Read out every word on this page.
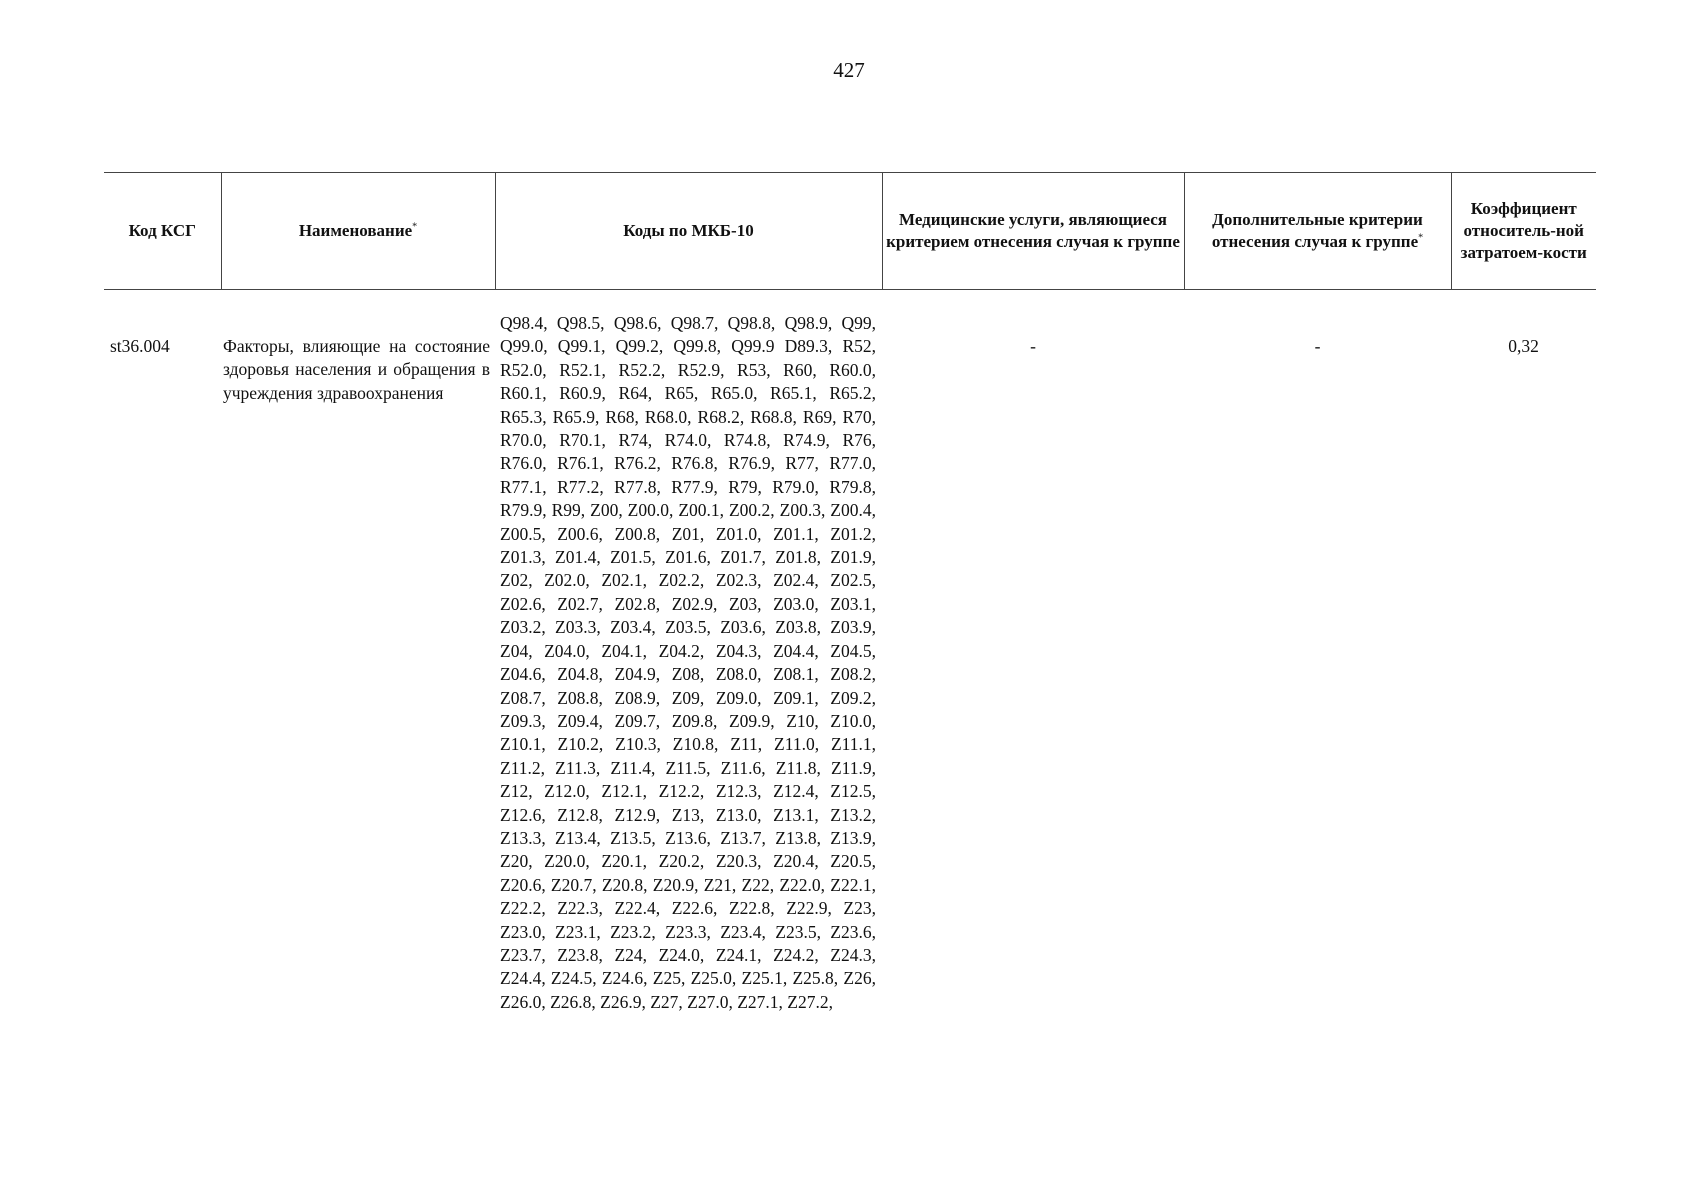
427
Код КСГ	Наименование*	Коды по МКБ-10	Медицинские услуги, являющиеся критерием отнесения случая к группе	Дополнительные критерии отнесения случая к группе*	Коэффициент относитель-ной затратоем-кости
st36.004	Факторы, влияющие на состояние здоровья населения и обращения в учреждения здравоохранения	Q98.4, Q98.5, Q98.6, Q98.7, Q98.8, Q98.9, Q99, Q99.0, Q99.1, Q99.2, Q99.8, Q99.9 D89.3, R52, R52.0, R52.1, R52.2, R52.9, R53, R60, R60.0, R60.1, R60.9, R64, R65, R65.0, R65.1, R65.2, R65.3, R65.9, R68, R68.0, R68.2, R68.8, R69, R70, R70.0, R70.1, R74, R74.0, R74.8, R74.9, R76, R76.0, R76.1, R76.2, R76.8, R76.9, R77, R77.0, R77.1, R77.2, R77.8, R77.9, R79, R79.0, R79.8, R79.9, R99, Z00, Z00.0, Z00.1, Z00.2, Z00.3, Z00.4, Z00.5, Z00.6, Z00.8, Z01, Z01.0, Z01.1, Z01.2, Z01.3, Z01.4, Z01.5, Z01.6, Z01.7, Z01.8, Z01.9, Z02, Z02.0, Z02.1, Z02.2, Z02.3, Z02.4, Z02.5, Z02.6, Z02.7, Z02.8, Z02.9, Z03, Z03.0, Z03.1, Z03.2, Z03.3, Z03.4, Z03.5, Z03.6, Z03.8, Z03.9, Z04, Z04.0, Z04.1, Z04.2, Z04.3, Z04.4, Z04.5, Z04.6, Z04.8, Z04.9, Z08, Z08.0, Z08.1, Z08.2, Z08.7, Z08.8, Z08.9, Z09, Z09.0, Z09.1, Z09.2, Z09.3, Z09.4, Z09.7, Z09.8, Z09.9, Z10, Z10.0, Z10.1, Z10.2, Z10.3, Z10.8, Z11, Z11.0, Z11.1, Z11.2, Z11.3, Z11.4, Z11.5, Z11.6, Z11.8, Z11.9, Z12, Z12.0, Z12.1, Z12.2, Z12.3, Z12.4, Z12.5, Z12.6, Z12.8, Z12.9, Z13, Z13.0, Z13.1, Z13.2, Z13.3, Z13.4, Z13.5, Z13.6, Z13.7, Z13.8, Z13.9, Z20, Z20.0, Z20.1, Z20.2, Z20.3, Z20.4, Z20.5, Z20.6, Z20.7, Z20.8, Z20.9, Z21, Z22, Z22.0, Z22.1, Z22.2, Z22.3, Z22.4, Z22.6, Z22.8, Z22.9, Z23, Z23.0, Z23.1, Z23.2, Z23.3, Z23.4, Z23.5, Z23.6, Z23.7, Z23.8, Z24, Z24.0, Z24.1, Z24.2, Z24.3, Z24.4, Z24.5, Z24.6, Z25, Z25.0, Z25.1, Z25.8, Z26, Z26.0, Z26.8, Z26.9, Z27, Z27.0, Z27.1, Z27.2,	-	-	0,32
